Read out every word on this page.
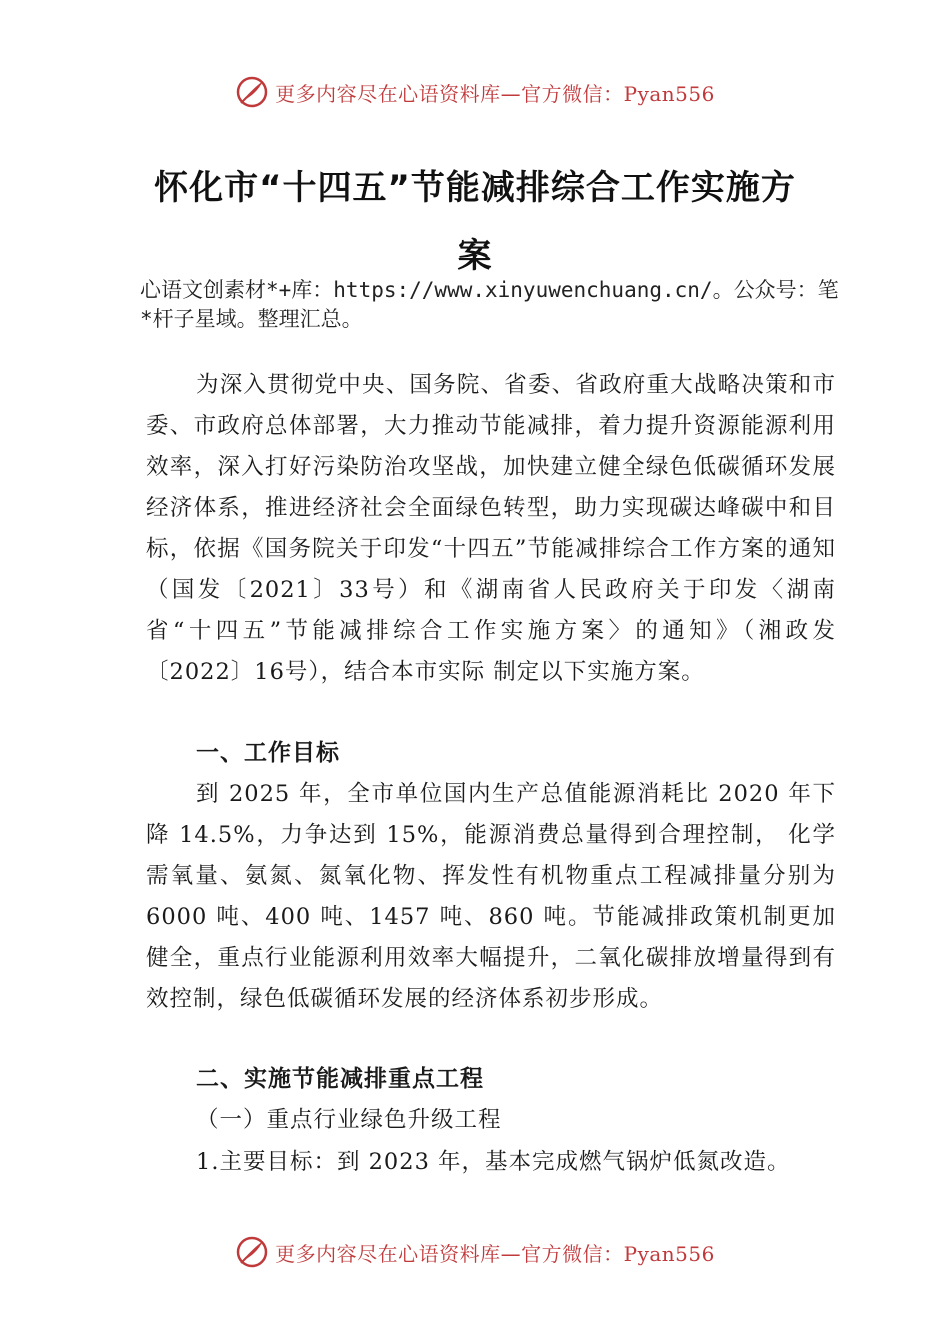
更多内容尽在心语资料库—官方微信：Pyan556
怀化市“十四五”节能减排综合工作实施方
案
心语文创素材*+库：https://www.xinyuwenchuang.cn/。公众号：笔*杆子星域。整理汇总。
为深入贯彻党中央、国务院、省委、省政府重大战略决策和市委、市政府总体部署，大力推动节能减排，着力提升资源能源利用效率，深入打好污染防治攻坚战，加快建立健全绿色低碳循环发展经济体系，推进经济社会全面绿色转型，助力实现碳达峰碳中和目标，依据《国务院关于印发“十四五”节能减排综合工作方案的通知（国发〔2021〕33号）和《湖南省人民政府关于印发〈湖南省“十四五”节能减排综合工作实施方案〉的通知》（湘政发〔2022〕16号），结合本市实际 制定以下实施方案。
一、工作目标
到 2025 年，全市单位国内生产总值能源消耗比 2020 年下降 14.5%，力争达到 15%，能源消费总量得到合理控制， 化学需氧量、氨氮、氮氧化物、挥发性有机物重点工程减排量分别为 6000 吨、400 吨、1457 吨、860 吨。节能减排政策机制更加健全，重点行业能源利用效率大幅提升，二氧化碳排放增量得到有效控制，绿色低碳循环发展的经济体系初步形成。
二、实施节能减排重点工程
（一）重点行业绿色升级工程
1.主要目标：到 2023 年，基本完成燃气锅炉低氮改造。
更多内容尽在心语资料库—官方微信：Pyan556
